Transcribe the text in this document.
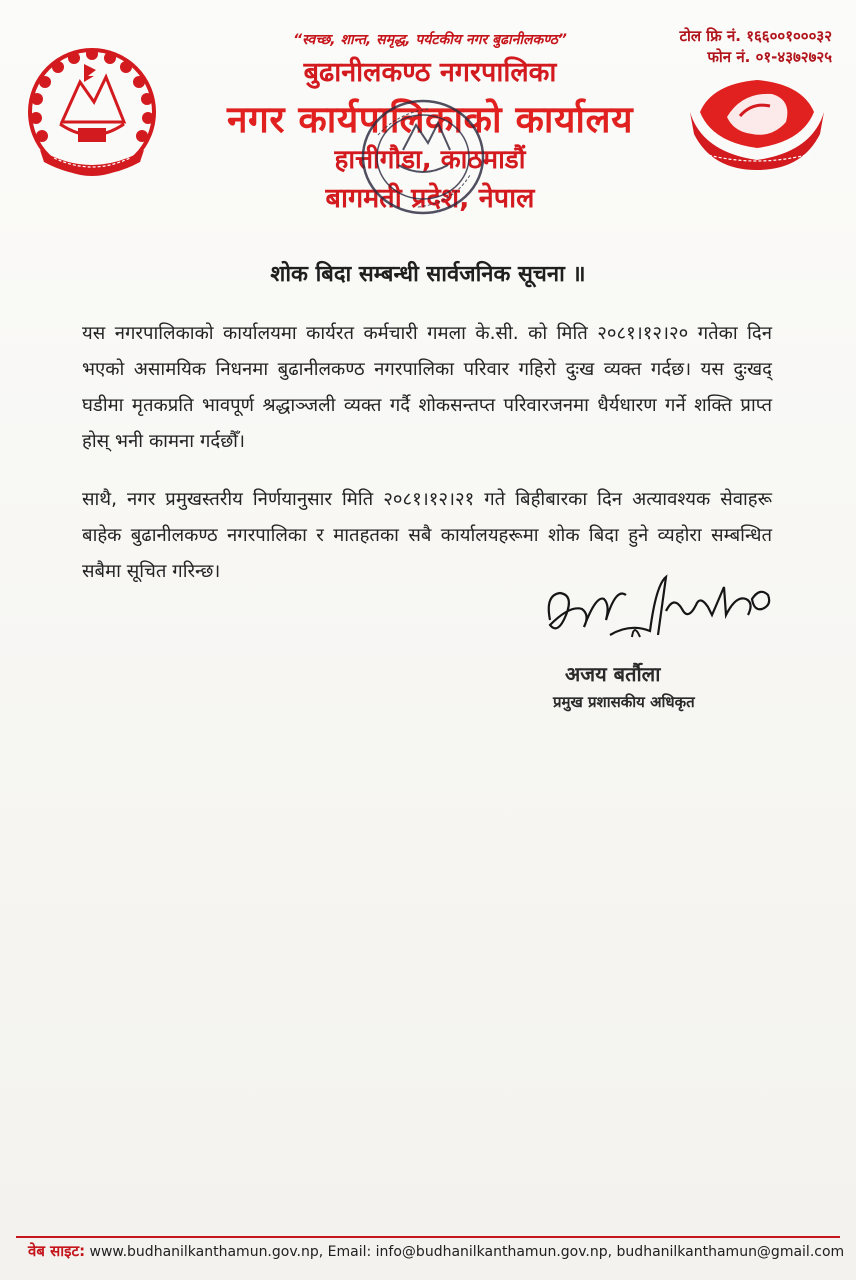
“स्वच्छ, शान्त, समृद्ध, पर्यटकीय नगर बुढानीलकण्ठ”
बुढानीलकण्ठ नगरपालिका
नगर कार्यपालिकाको कार्यालय
हात्तीगौडा, काठमाडौं
बागमती प्रदेश, नेपाल
टोल फ्रि नं. १६६००१०००३२
फोन नं. ०१-४३७२७२५
शोक बिदा सम्बन्धी सार्वजनिक सूचना ॥
यस नगरपालिकाको कार्यालयमा कार्यरत कर्मचारी गमला के.सी. को मिति २०८१।१२।२० गतेका दिन भएको असामयिक निधनमा बुढानीलकण्ठ नगरपालिका परिवार गहिरो दुःख व्यक्त गर्दछ। यस दुःखद् घडीमा मृतकप्रति भावपूर्ण श्रद्धाञ्जली व्यक्त गर्दै शोकसन्तप्त परिवारजनमा धैर्यधारण गर्ने शक्ति प्राप्त होस् भनी कामना गर्दछौँ।
साथै, नगर प्रमुखस्तरीय निर्णयानुसार मिति २०८१।१२।२१ गते बिहीबारका दिन अत्यावश्यक सेवाहरू बाहेक बुढानीलकण्ठ नगरपालिका र मातहतका सबै कार्यालयहरूमा शोक बिदा हुने व्यहोरा सम्बन्धित सबैमा सूचित गरिन्छ।
अजय बर्तौला
प्रमुख प्रशासकीय अधिकृत
वेब साइट: www.budhanilkanthamun.gov.np, Email: info@budhanilkanthamun.gov.np, budhanilkanthamun@gmail.com
